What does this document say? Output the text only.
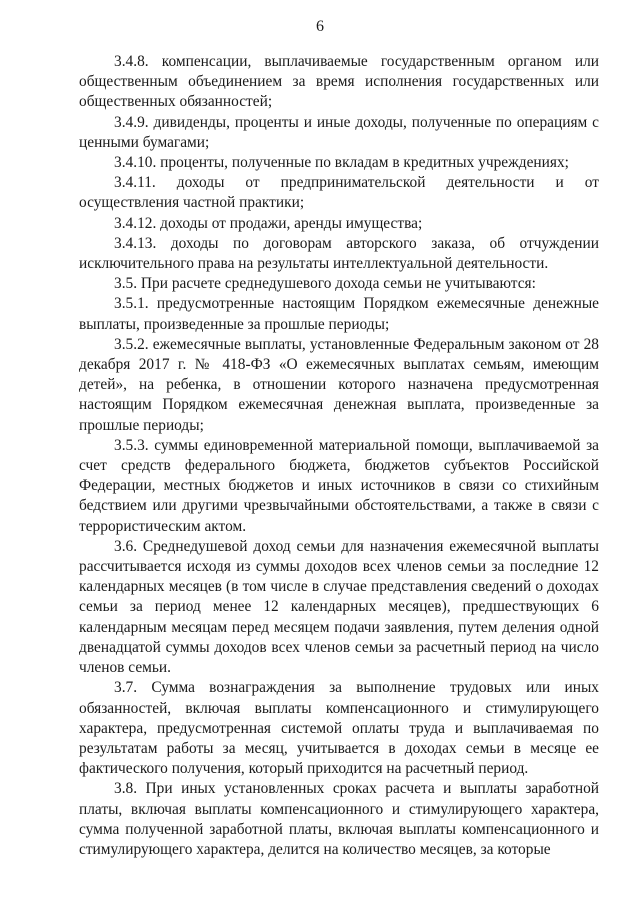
6

3.4.8. компенсации, выплачиваемые государственным органом или общественным объединением за время исполнения государственных или общественных обязанностей;

3.4.9. дивиденды, проценты и иные доходы, полученные по операциям с ценными бумагами;

3.4.10. проценты, полученные по вкладам в кредитных учреждениях;

3.4.11. доходы от предпринимательской деятельности и от осуществления частной практики;

3.4.12. доходы от продажи, аренды имущества;

3.4.13. доходы по договорам авторского заказа, об отчуждении исключительного права на результаты интеллектуальной деятельности.

3.5. При расчете среднедушевого дохода семьи не учитываются:

3.5.1. предусмотренные настоящим Порядком ежемесячные денежные выплаты, произведенные за прошлые периоды;

3.5.2. ежемесячные выплаты, установленные Федеральным законом от 28 декабря 2017 г. № 418-ФЗ «О ежемесячных выплатах семьям, имеющим детей», на ребенка, в отношении которого назначена предусмотренная настоящим Порядком ежемесячная денежная выплата, произведенные за прошлые периоды;

3.5.3. суммы единовременной материальной помощи, выплачиваемой за счет средств федерального бюджета, бюджетов субъектов Российской Федерации, местных бюджетов и иных источников в связи со стихийным бедствием или другими чрезвычайными обстоятельствами, а также в связи с террористическим актом.

3.6. Среднедушевой доход семьи для назначения ежемесячной выплаты рассчитывается исходя из суммы доходов всех членов семьи за последние 12 календарных месяцев (в том числе в случае представления сведений о доходах семьи за период менее 12 календарных месяцев), предшествующих 6 календарным месяцам перед месяцем подачи заявления, путем деления одной двенадцатой суммы доходов всех членов семьи за расчетный период на число членов семьи.

3.7. Сумма вознаграждения за выполнение трудовых или иных обязанностей, включая выплаты компенсационного и стимулирующего характера, предусмотренная системой оплаты труда и выплачиваемая по результатам работы за месяц, учитывается в доходах семьи в месяце ее фактического получения, который приходится на расчетный период.

3.8. При иных установленных сроках расчета и выплаты заработной платы, включая выплаты компенсационного и стимулирующего характера, сумма полученной заработной платы, включая выплаты компенсационного и стимулирующего характера, делится на количество месяцев, за которые
